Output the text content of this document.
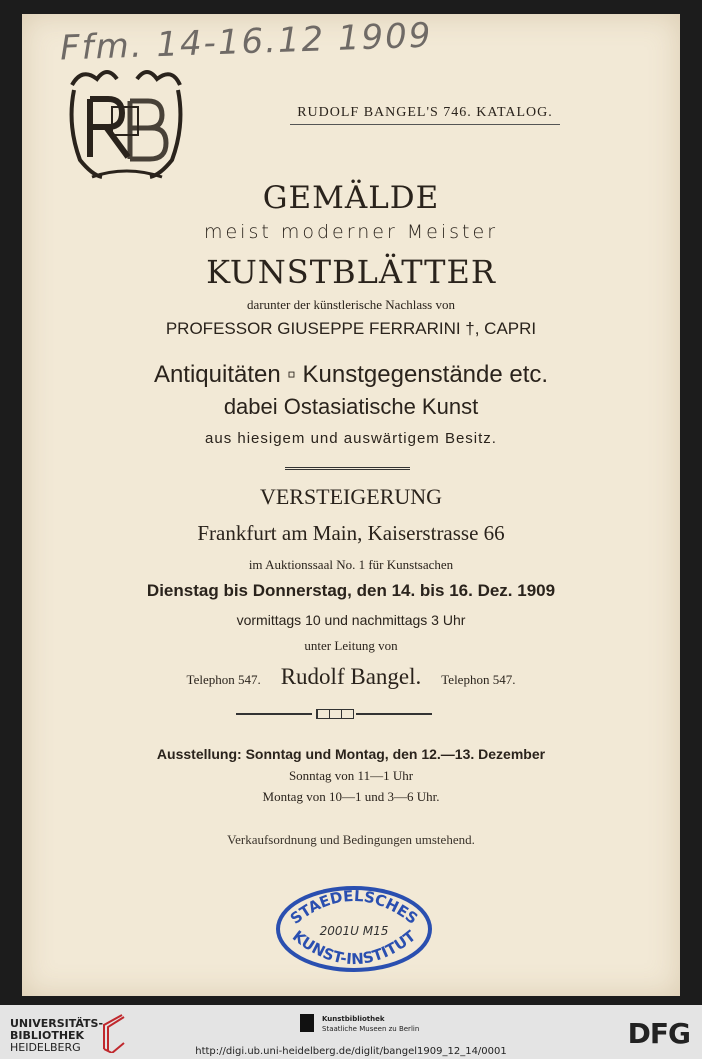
Ffm. 14-16.12 1909
RUDOLF BANGEL'S 746. KATALOG.
GEMÄLDE
meist moderner Meister
KUNSTBLÄTTER
darunter der künstlerische Nachlass von
PROFESSOR GIUSEPPE FERRARINI †, CAPRI
Antiquitäten ▫ Kunstgegenstände etc.
dabei Ostasiatische Kunst
aus hiesigem und auswärtigem Besitz.
VERSTEIGERUNG
Frankfurt am Main, Kaiserstrasse 66
im Auktionssaal No. 1 für Kunstsachen
Dienstag bis Donnerstag, den 14. bis 16. Dez. 1909
vormittags 10 und nachmittags 3 Uhr
unter Leitung von
Telephon 547. Rudolf Bangel. Telephon 547.
Ausstellung: Sonntag und Montag, den 12.—13. Dezember
Sonntag von 11—1 Uhr
Montag von 10—1 und 3—6 Uhr.
Verkaufsordnung und Bedingungen umstehend.
STAEDELSCHES
KUNST-INSTITUT
2001U M15
UNIVERSITÄTS-
BIBLIOTHEK
HEIDELBERG
Kunstbibliothek
Staatliche Museen zu Berlin	DFG
http://digi.ub.uni-heidelberg.de/diglit/bangel1909_12_14/0001
